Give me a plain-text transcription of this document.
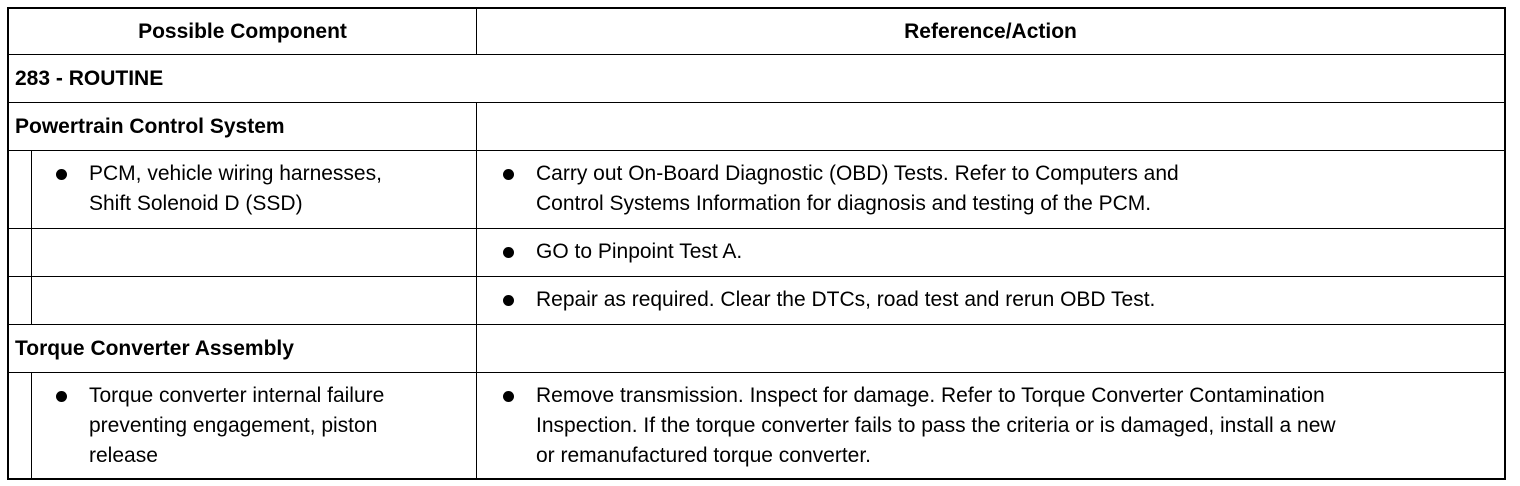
Possible Component	Reference/Action
283 - ROUTINE
Powertrain Control System
PCM, vehicle wiring harnesses,
Shift Solenoid D (SSD)
Carry out On-Board Diagnostic (OBD) Tests. Refer to Computers and
Control Systems Information for diagnosis and testing of the PCM.
GO to Pinpoint Test A.
Repair as required. Clear the DTCs, road test and rerun OBD Test.
Torque Converter Assembly
Torque converter internal failure
preventing engagement, piston
release
Remove transmission. Inspect for damage. Refer to Torque Converter Contamination
Inspection. If the torque converter fails to pass the criteria or is damaged, install a new
or remanufactured torque converter.
